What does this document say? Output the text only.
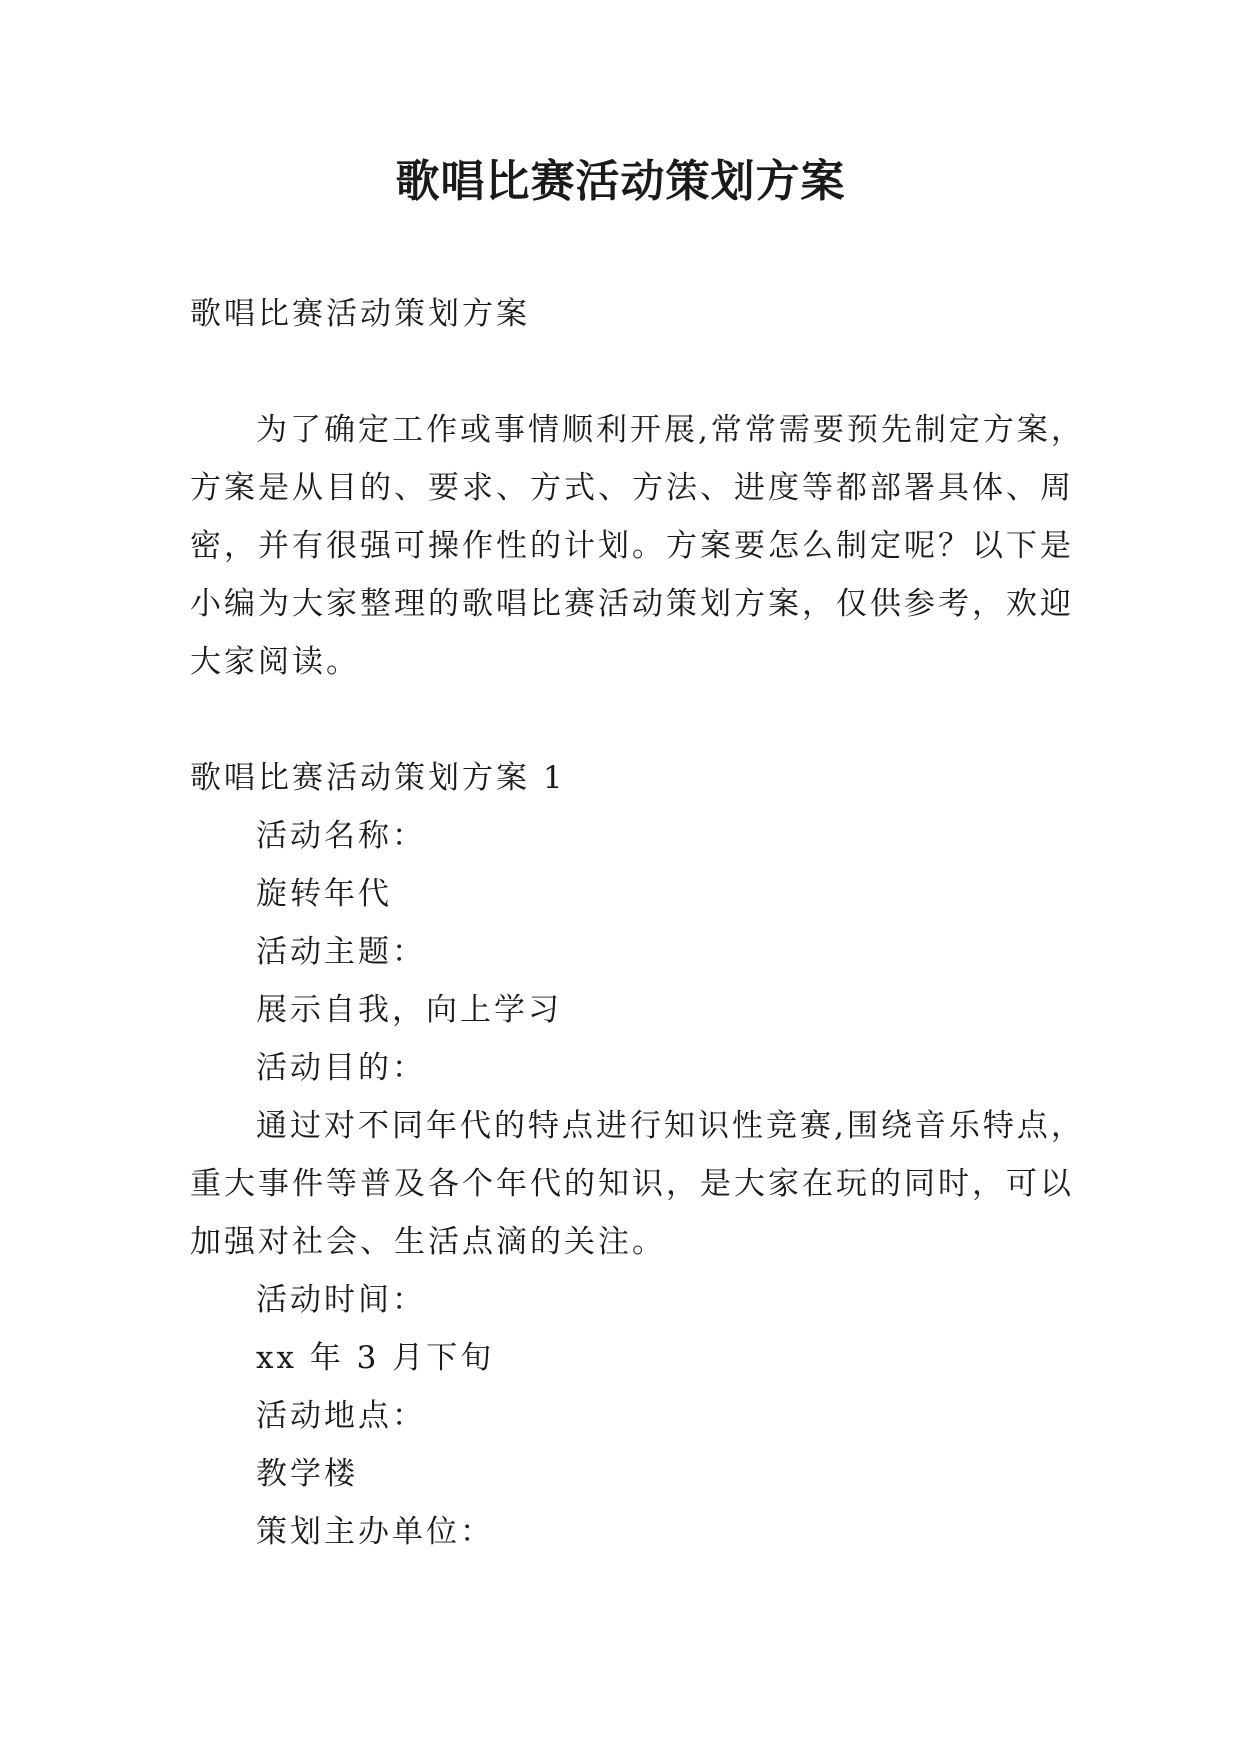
歌唱比赛活动策划方案
歌唱比赛活动策划方案
为了确定工作或事情顺利开展,常常需要预先制定方案，
方案是从目的、要求、方式、方法、进度等都部署具体、周
密，并有很强可操作性的计划。方案要怎么制定呢？以下是
小编为大家整理的歌唱比赛活动策划方案，仅供参考，欢迎
大家阅读。
歌唱比赛活动策划方案 1
活动名称：
旋转年代
活动主题：
展示自我，向上学习
活动目的：
通过对不同年代的特点进行知识性竞赛,围绕音乐特点，
重大事件等普及各个年代的知识，是大家在玩的同时，可以
加强对社会、生活点滴的关注。
活动时间：
xx 年 3 月下旬
活动地点：
教学楼
策划主办单位：
